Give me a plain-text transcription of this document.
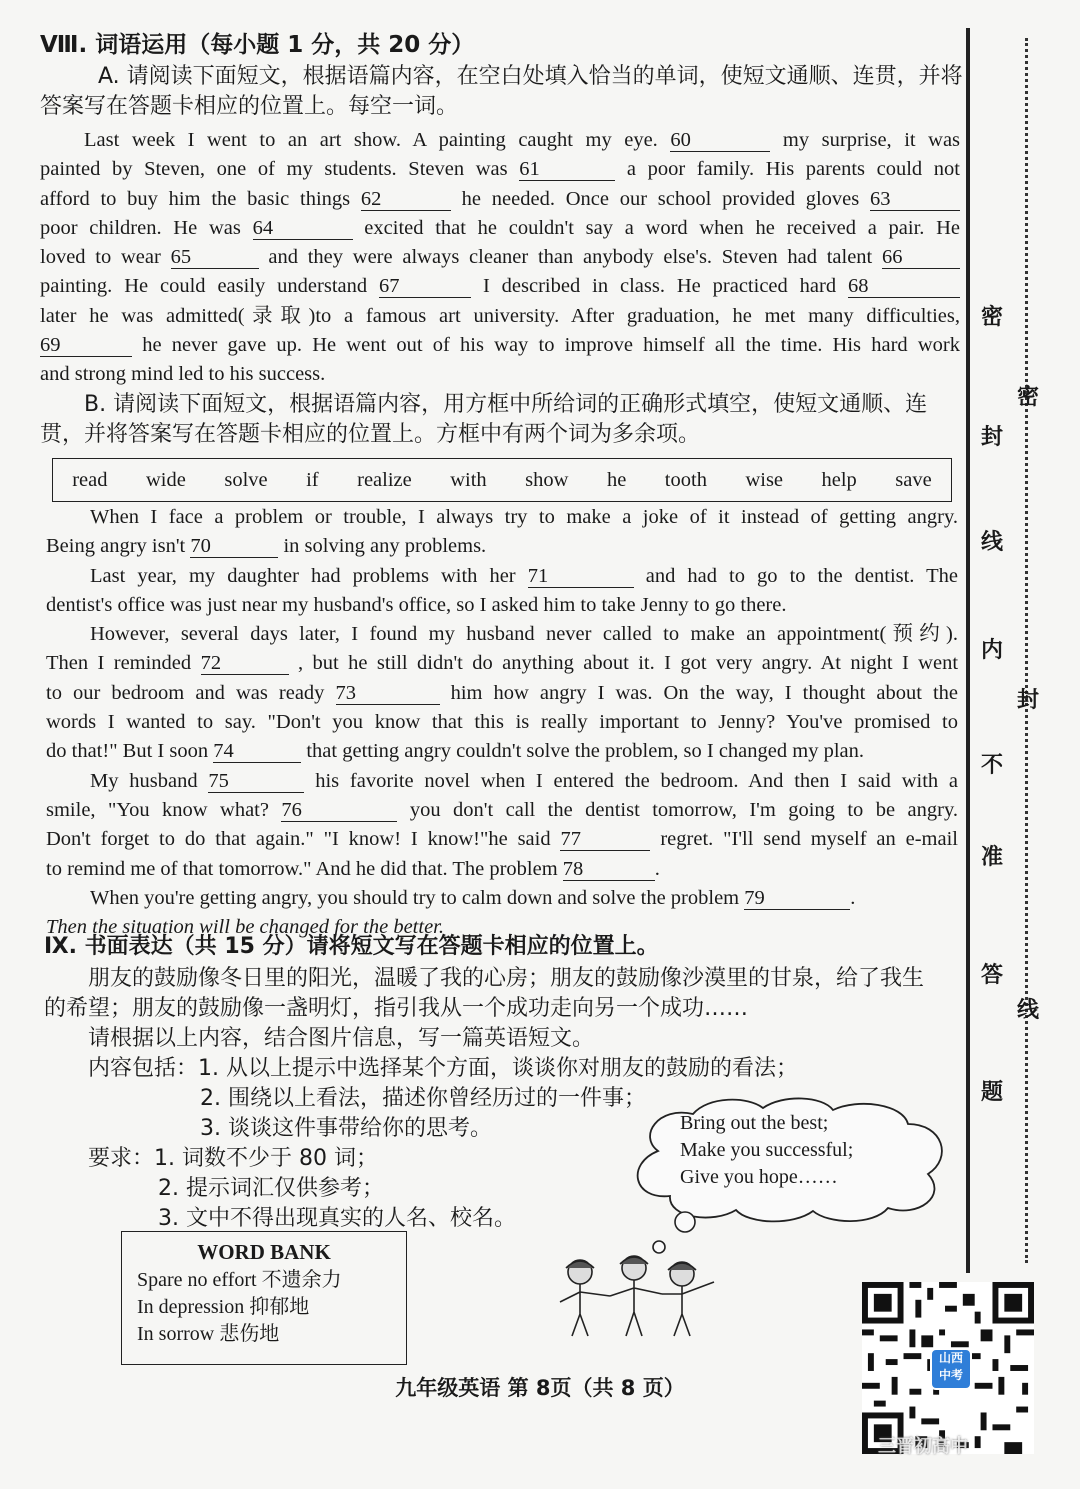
Ⅷ. 词语运用（每小题 1 分，共 20 分）
A. 请阅读下面短文，根据语篇内容，在空白处填入恰当的单词，使短文通顺、连贯，并将
答案写在答题卡相应的位置上。每空一词。
Last week I went to an art show. A painting caught my eye. 60	my surprise, it was
painted by Steven, one of my students. Steven was 61	a poor family. His parents could not
afford to buy him the basic things 62	he needed. Once our school provided gloves 63
poor children. He was 64	excited that he couldn't say a word when he received a pair. He
loved to wear 65	and they were always cleaner than anybody else's. Steven had talent 66
painting. He could easily understand 67	I described in class. He practiced hard 68
later he was admitted(录取)to a famous art university. After graduation, he met many difficulties,
69	he never gave up. He went out of his way to improve himself all the time. His hard work
and strong mind led to his success.
B. 请阅读下面短文，根据语篇内容，用方框中所给词的正确形式填空，使短文通顺、连
贯，并将答案写在答题卡相应的位置上。方框中有两个词为多余项。
read wide solve if realize with show he tooth wise help save
When I face a problem or trouble, I always try to make a joke of it instead of getting angry.
Being angry isn't 70	in solving any problems.
Last year, my daughter had problems with her 71	and had to go to the dentist. The
dentist's office was just near my husband's office, so I asked him to take Jenny to go there.
However, several days later, I found my husband never called to make an appointment(预约).
Then I reminded 72	, but he still didn't do anything about it. I got very angry. At night I went
to our bedroom and was ready 73	him how angry I was. On the way, I thought about the
words I wanted to say. "Don't you know that this is really important to Jenny? You've promised to
do that!" But I soon 74	that getting angry couldn't solve the problem, so I changed my plan.
My husband 75	his favorite novel when I entered the bedroom. And then I said with a
smile, "You know what? 76	you don't call the dentist tomorrow, I'm going to be angry.
Don't forget to do that again." "I know! I know!"he said 77	regret. "I'll send myself an e-mail
to remind me of that tomorrow." And he did that. The problem 78	.
When you're getting angry, you should try to calm down and solve the problem 79	.
Then the situation will be changed for the better.
Ⅸ. 书面表达（共 15 分）请将短文写在答题卡相应的位置上。
朋友的鼓励像冬日里的阳光，温暖了我的心房；朋友的鼓励像沙漠里的甘泉，给了我生
的希望；朋友的鼓励像一盏明灯，指引我从一个成功走向另一个成功……
请根据以上内容，结合图片信息，写一篇英语短文。
内容包括：1. 从以上提示中选择某个方面，谈谈你对朋友的鼓励的看法；
2. 围绕以上看法，描述你曾经历过的一件事；
3. 谈谈这件事带给你的思考。
要求：1. 词数不少于 80 词；
2. 提示词汇仅供参考；
3. 文中不得出现真实的人名、校名。
Bring out the best;
Make you successful;
Give you hope……
WORD BANK
Spare no effort 不遗余力
In depression 抑郁地
In sorrow 悲伤地
九年级英语 第 8页（共 8 页）
密
密
封
线
内
封
不
准
答
线
题
山西
中考
三晋初高中
